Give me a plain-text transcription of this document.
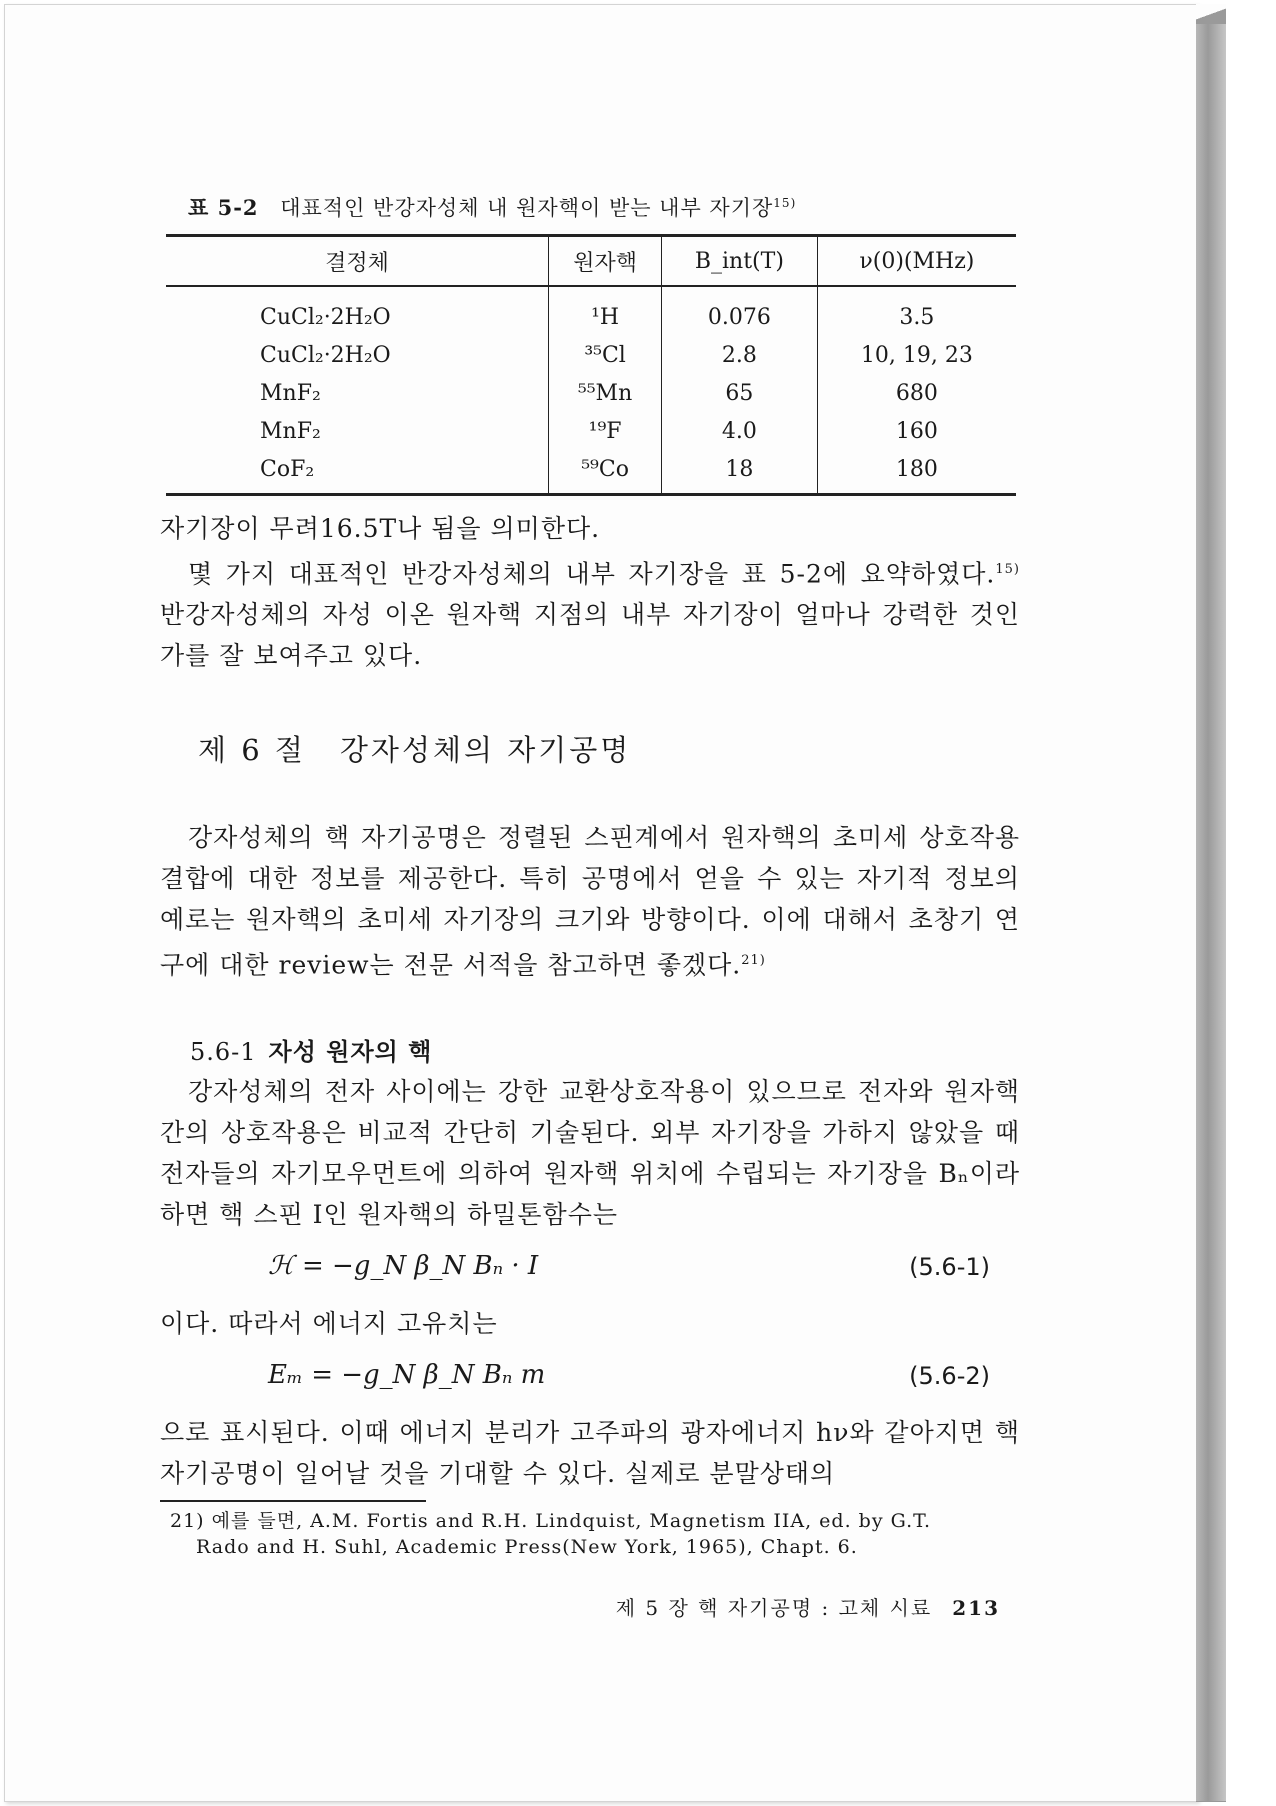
표 5-2 대표적인 반강자성체 내 원자핵이 받는 내부 자기장$^{15)}$
결정체	원자핵	B_int(T)	ν(0)(MHz)
CuCl₂·2H₂O	¹H	0.076	3.5
CuCl₂·2H₂O	³⁵Cl	2.8	10, 19, 23
MnF₂	⁵⁵Mn	65	680
MnF₂	¹⁹F	4.0	160
CoF₂	⁵⁹Co	18	180

자기장이 무려16.5T나 됨을 의미한다.

몇 가지 대표적인 반강자성체의 내부 자기장을 표 5-2에 요약하였다.$^{15)}$ 반강자성체의 자성 이온 원자핵 지점의 내부 자기장이 얼마나 강력한 것인가를 잘 보여주고 있다.

제 6 절 강자성체의 자기공명

강자성체의 핵 자기공명은 정렬된 스핀계에서 원자핵의 초미세 상호작용 결합에 대한 정보를 제공한다. 특히 공명에서 얻을 수 있는 자기적 정보의 예로는 원자핵의 초미세 자기장의 크기와 방향이다. 이에 대해서 초창기 연구에 대한 review는 전문 서적을 참고하면 좋겠다.$^{21)}$

5.6-1 자성 원자의 핵

강자성체의 전자 사이에는 강한 교환상호작용이 있으므로 전자와 원자핵 간의 상호작용은 비교적 간단히 기술된다. 외부 자기장을 가하지 않았을 때 전자들의 자기모우먼트에 의하여 원자핵 위치에 수립되는 자기장을 Bₙ이라 하면 핵 스핀 I인 원자핵의 하밀톤함수는

ℋ = −g_N β_N Bₙ · I	(5.6-1)

이다. 따라서 에너지 고유치는

Eₘ = −g_N β_N Bₙ m	(5.6-2)

으로 표시된다. 이때 에너지 분리가 고주파의 광자에너지 hν와 같아지면 핵 자기공명이 일어날 것을 기대할 수 있다. 실제로 분말상태의

21) 예를 들면, A.M. Fortis and R.H. Lindquist, Magnetism IIA, ed. by G.T.
Rado and H. Suhl, Academic Press(New York, 1965), Chapt. 6.

제 5 장 핵 자기공명 : 고체 시료 213
